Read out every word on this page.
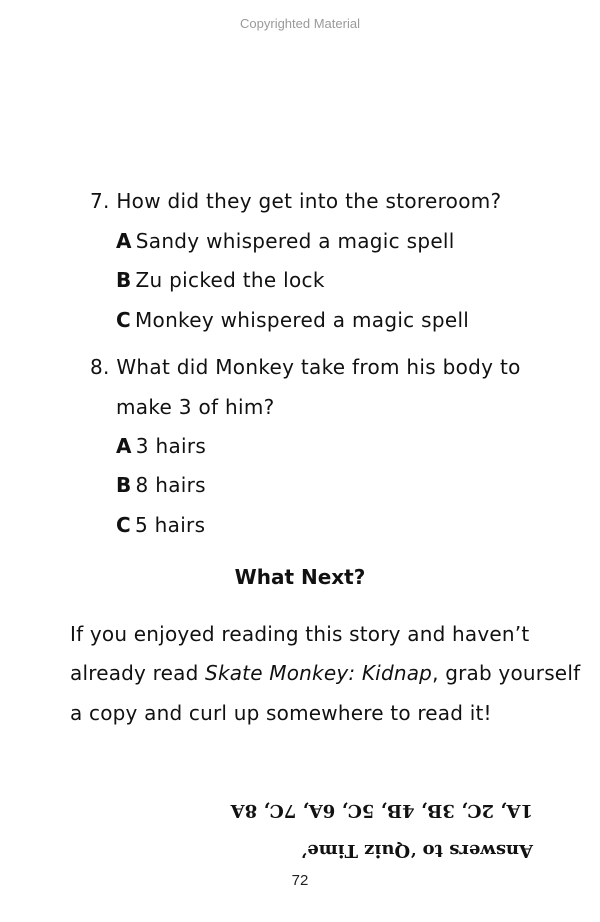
Copyrighted Material
7. How did they get into the storeroom?
A Sandy whispered a magic spell
B Zu picked the lock
C Monkey whispered a magic spell
8. What did Monkey take from his body to
make 3 of him?
A 3 hairs
B 8 hairs
C 5 hairs
What Next?
If you enjoyed reading this story and haven’t
already read Skate Monkey: Kidnap, grab yourself
a copy and curl up somewhere to read it!
Answers to ‘Quiz Time’
1A, 2C, 3B, 4B, 5C, 6A, 7C, 8A
72
